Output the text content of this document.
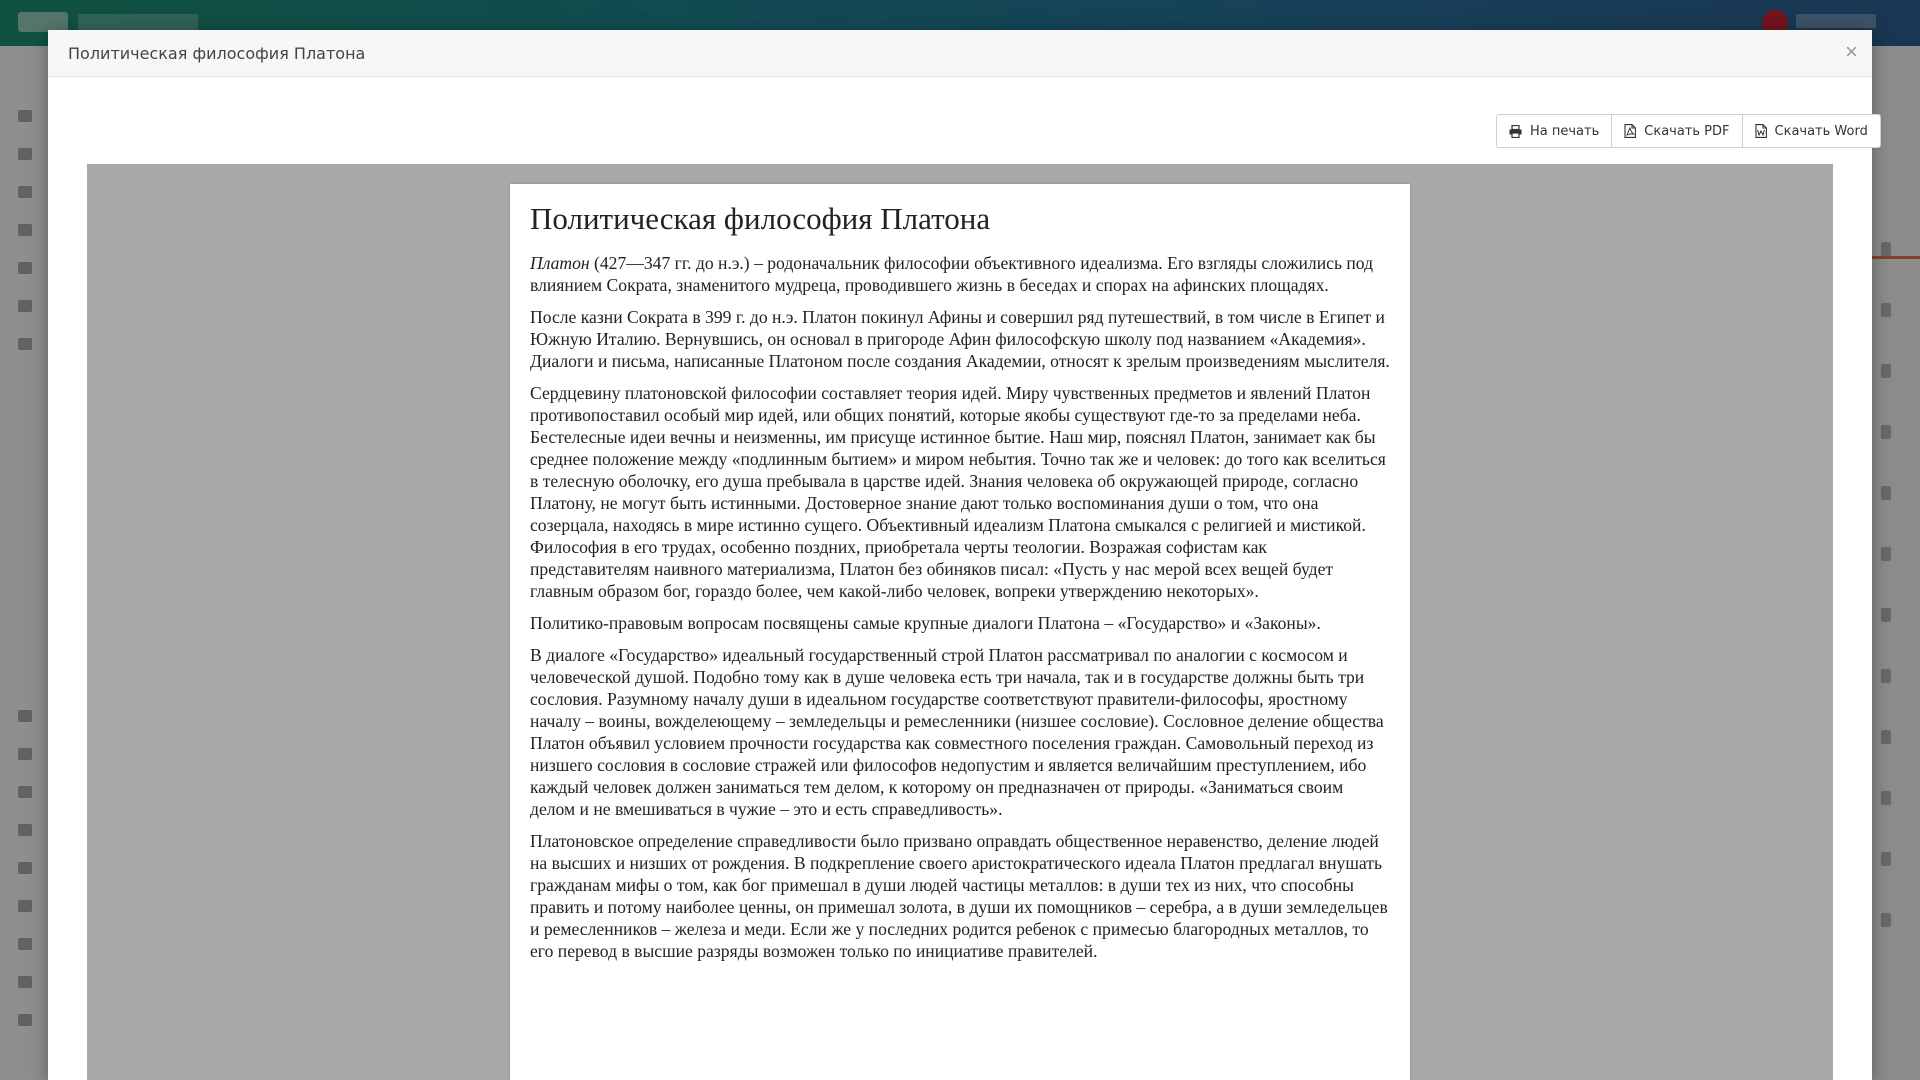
Политическая философия Платона	×
На печать	Скачать PDF	Скачать Word
Политическая философия Платона

Платон (427—347 гг. до н.э.) – родоначальник философии объективного идеализма. Его взгляды сложились под влиянием Сократа, знаменитого мудреца, проводившего жизнь в беседах и спорах на афинских площадях.

После казни Сократа в 399 г. до н.э. Платон покинул Афины и совершил ряд путешествий, в том числе в Египет и Южную Италию. Вернувшись, он основал в пригороде Афин философскую школу под названием «Академия». Диалоги и письма, написанные Платоном после создания Академии, относят к зрелым произведениям мыслителя.

Сердцевину платоновской философии составляет теория идей. Миру чувственных предметов и явлений Платон противопоставил особый мир идей, или общих понятий, которые якобы существуют где-то за пределами неба. Бестелесные идеи вечны и неизменны, им присуще истинное бытие. Наш мир, пояснял Платон, занимает как бы среднее положение между «подлинным бытием» и миром небытия. Точно так же и человек: до того как вселиться в телесную оболочку, его душа пребывала в царстве идей. Знания человека об окружающей природе, согласно Платону, не могут быть истинными. Достоверное знание дают только воспоминания души о том, что она созерцала, находясь в мире истинно сущего. Объективный идеализм Платона смыкался с религией и мистикой. Философия в его трудах, особенно поздних, приобретала черты теологии. Возражая софистам как представителям наивного материализма, Платон без обиняков писал: «Пусть у нас мерой всех вещей будет главным образом бог, гораздо более, чем какой-либо человек, вопреки утверждению некоторых».

Политико-правовым вопросам посвящены самые крупные диалоги Платона – «Государство» и «Законы».

В диалоге «Государство» идеальный государственный строй Платон рассматривал по аналогии с космосом и человеческой душой. Подобно тому как в душе человека есть три начала, так и в государстве должны быть три сословия. Разумному началу души в идеальном государстве соответствуют правители-философы, яростному началу – воины, вожделеющему – земледельцы и ремесленники (низшее сословие). Сословное деление общества Платон объявил условием прочности государства как совместного поселения граждан. Самовольный переход из низшего сословия в сословие стражей или философов недопустим и является величайшим преступлением, ибо каждый человек должен заниматься тем делом, к которому он предназначен от природы. «Заниматься своим делом и не вмешиваться в чужие – это и есть справедливость».

Платоновское определение справедливости было призвано оправдать общественное неравенство, деление людей на высших и низших от рождения. В подкрепление своего аристократического идеала Платон предлагал внушать гражданам мифы о том, как бог примешал в души людей частицы металлов: в души тех из них, что способны править и потому наиболее ценны, он примешал золота, в души их помощников – серебра, а в души земледельцев и ремесленников – железа и меди. Если же у последних родится ребенок с примесью благородных металлов, то его перевод в высшие разряды возможен только по инициативе правителей.
